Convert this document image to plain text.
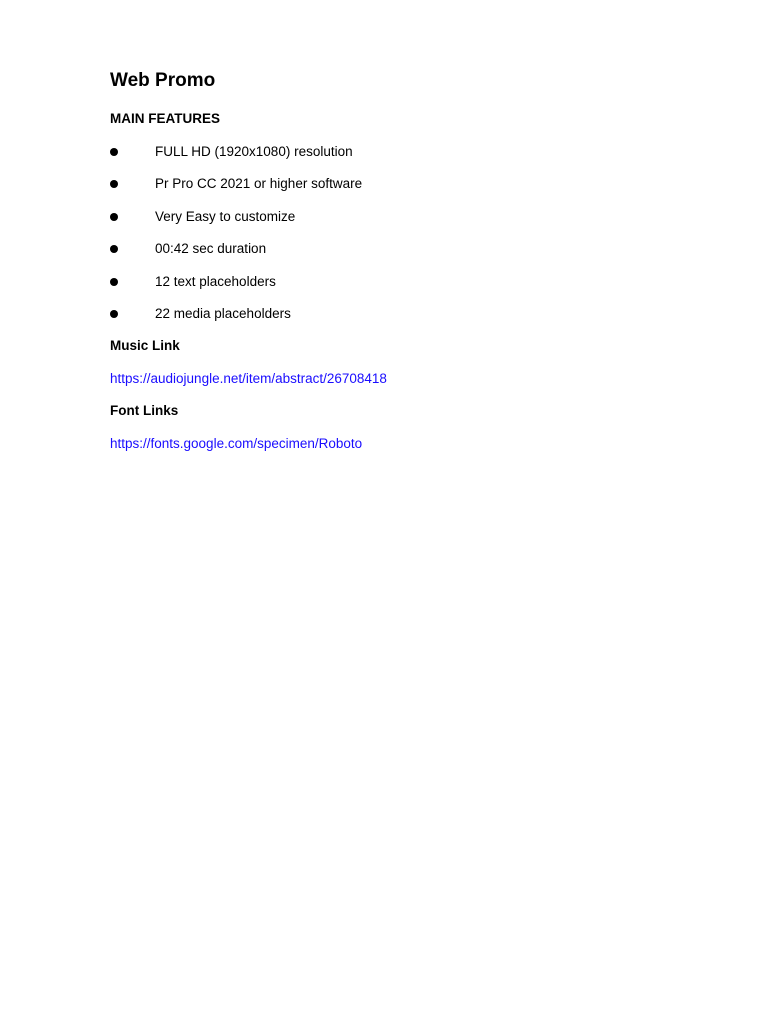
Web Promo
MAIN FEATURES
FULL HD (1920x1080) resolution
Pr Pro CC 2021 or higher software
Very Easy to customize
00:42 sec duration
12 text placeholders
22 media placeholders
Music Link
https://audiojungle.net/item/abstract/26708418
Font Links
https://fonts.google.com/specimen/Roboto
